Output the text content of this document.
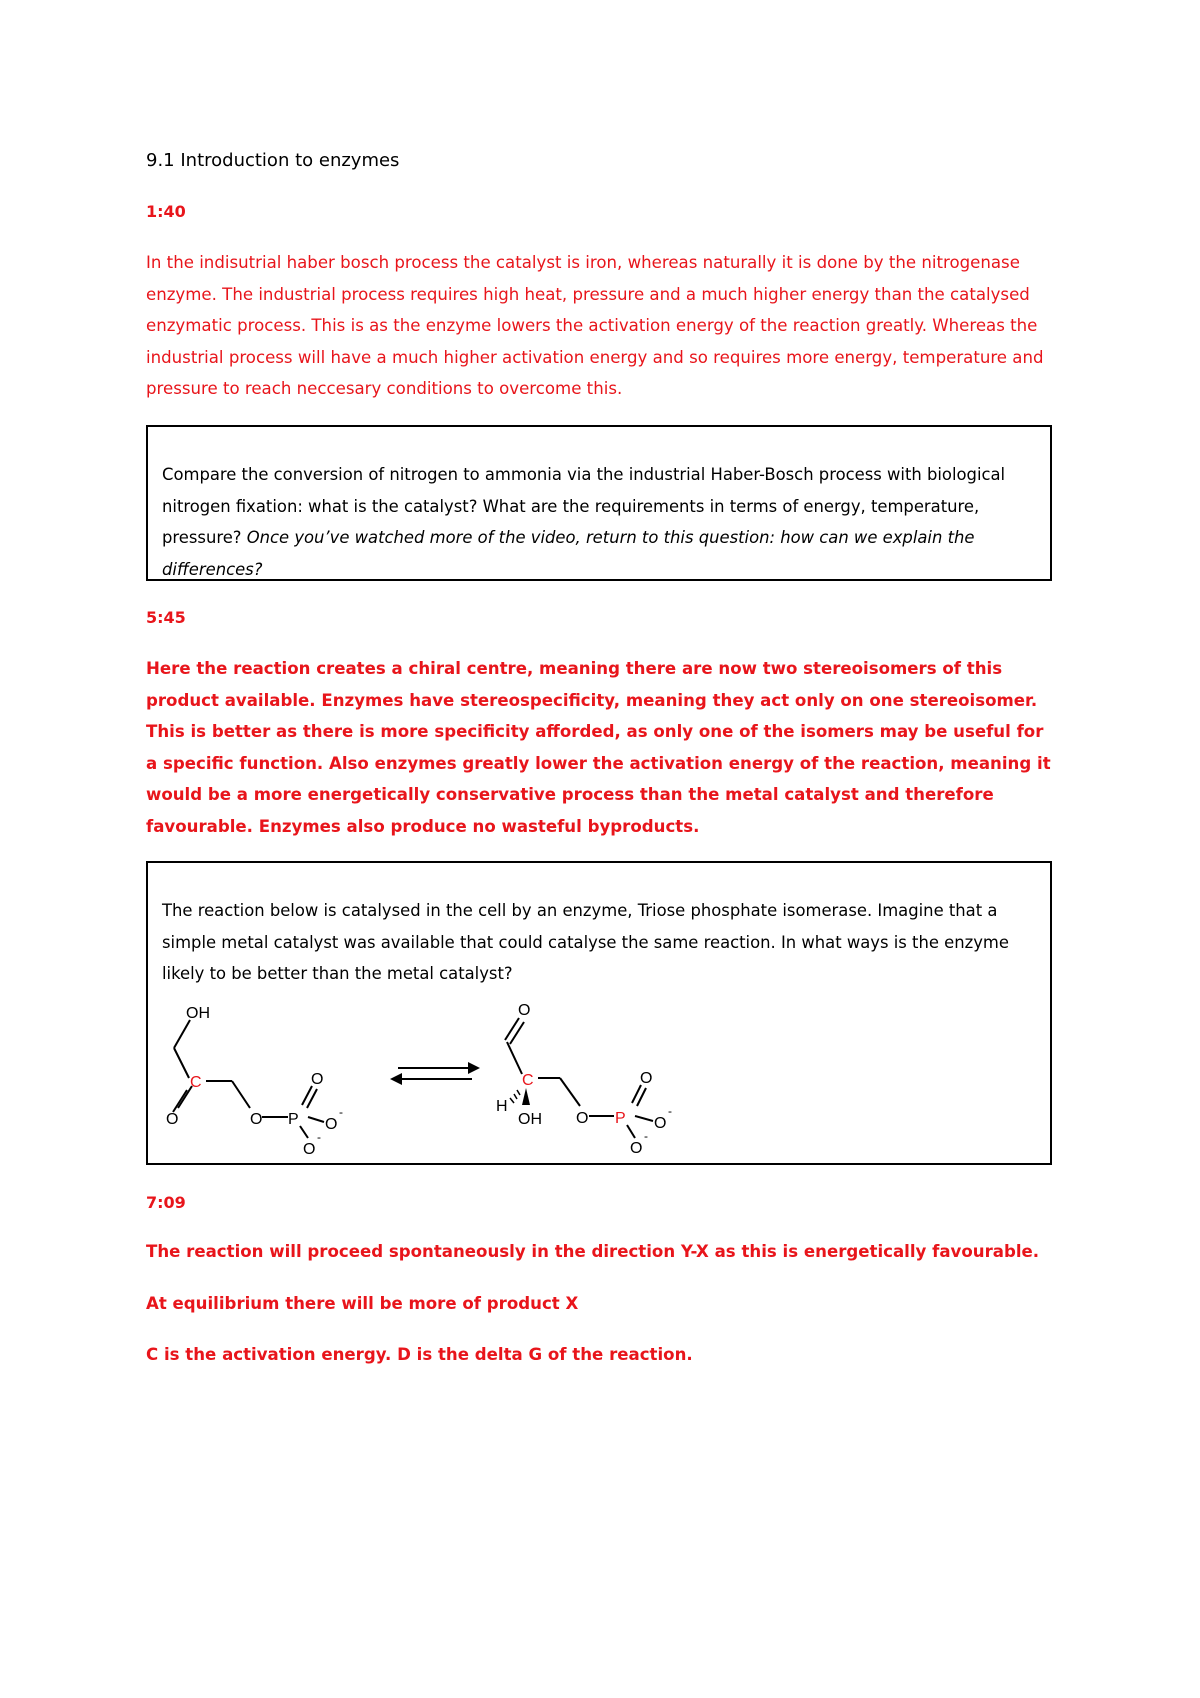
9.1 Introduction to enzymes
1:40
In the indisutrial haber bosch process the catalyst is iron, whereas naturally it is done by the nitrogenase enzyme. The industrial process requires high heat, pressure and a much higher energy than the catalysed enzymatic process. This is as the enzyme lowers the activation energy of the reaction greatly. Whereas the industrial process will have a much higher activation energy and so requires more energy, temperature and pressure to reach neccesary conditions to overcome this.
Compare the conversion of nitrogen to ammonia via the industrial Haber-Bosch process with biological nitrogen fixation: what is the catalyst? What are the requirements in terms of energy, temperature, pressure? Once you’ve watched more of the video, return to this question: how can we explain the differences?
5:45
Here the reaction creates a chiral centre, meaning there are now two stereoisomers of this product available. Enzymes have stereospecificity, meaning they act only on one stereoisomer. This is better as there is more specificity afforded, as only one of the isomers may be useful for a specific function. Also enzymes greatly lower the activation energy of the reaction, meaning it would be a more energetically conservative process than the metal catalyst and therefore favourable. Enzymes also produce no wasteful byproducts.
The reaction below is catalysed in the cell by an enzyme, Triose phosphate isomerase. Imagine that a simple metal catalyst was available that could catalyse the same reaction. In what ways is the enzyme likely to be better than the metal catalyst?
OH
C
O	O P
O
O
-
O
-
O
C
H
OH O P
O
O
-
O
-
7:09
The reaction will proceed spontaneously in the direction Y-X as this is energetically favourable.
At equilibrium there will be more of product X
C is the activation energy. D is the delta G of the reaction.
